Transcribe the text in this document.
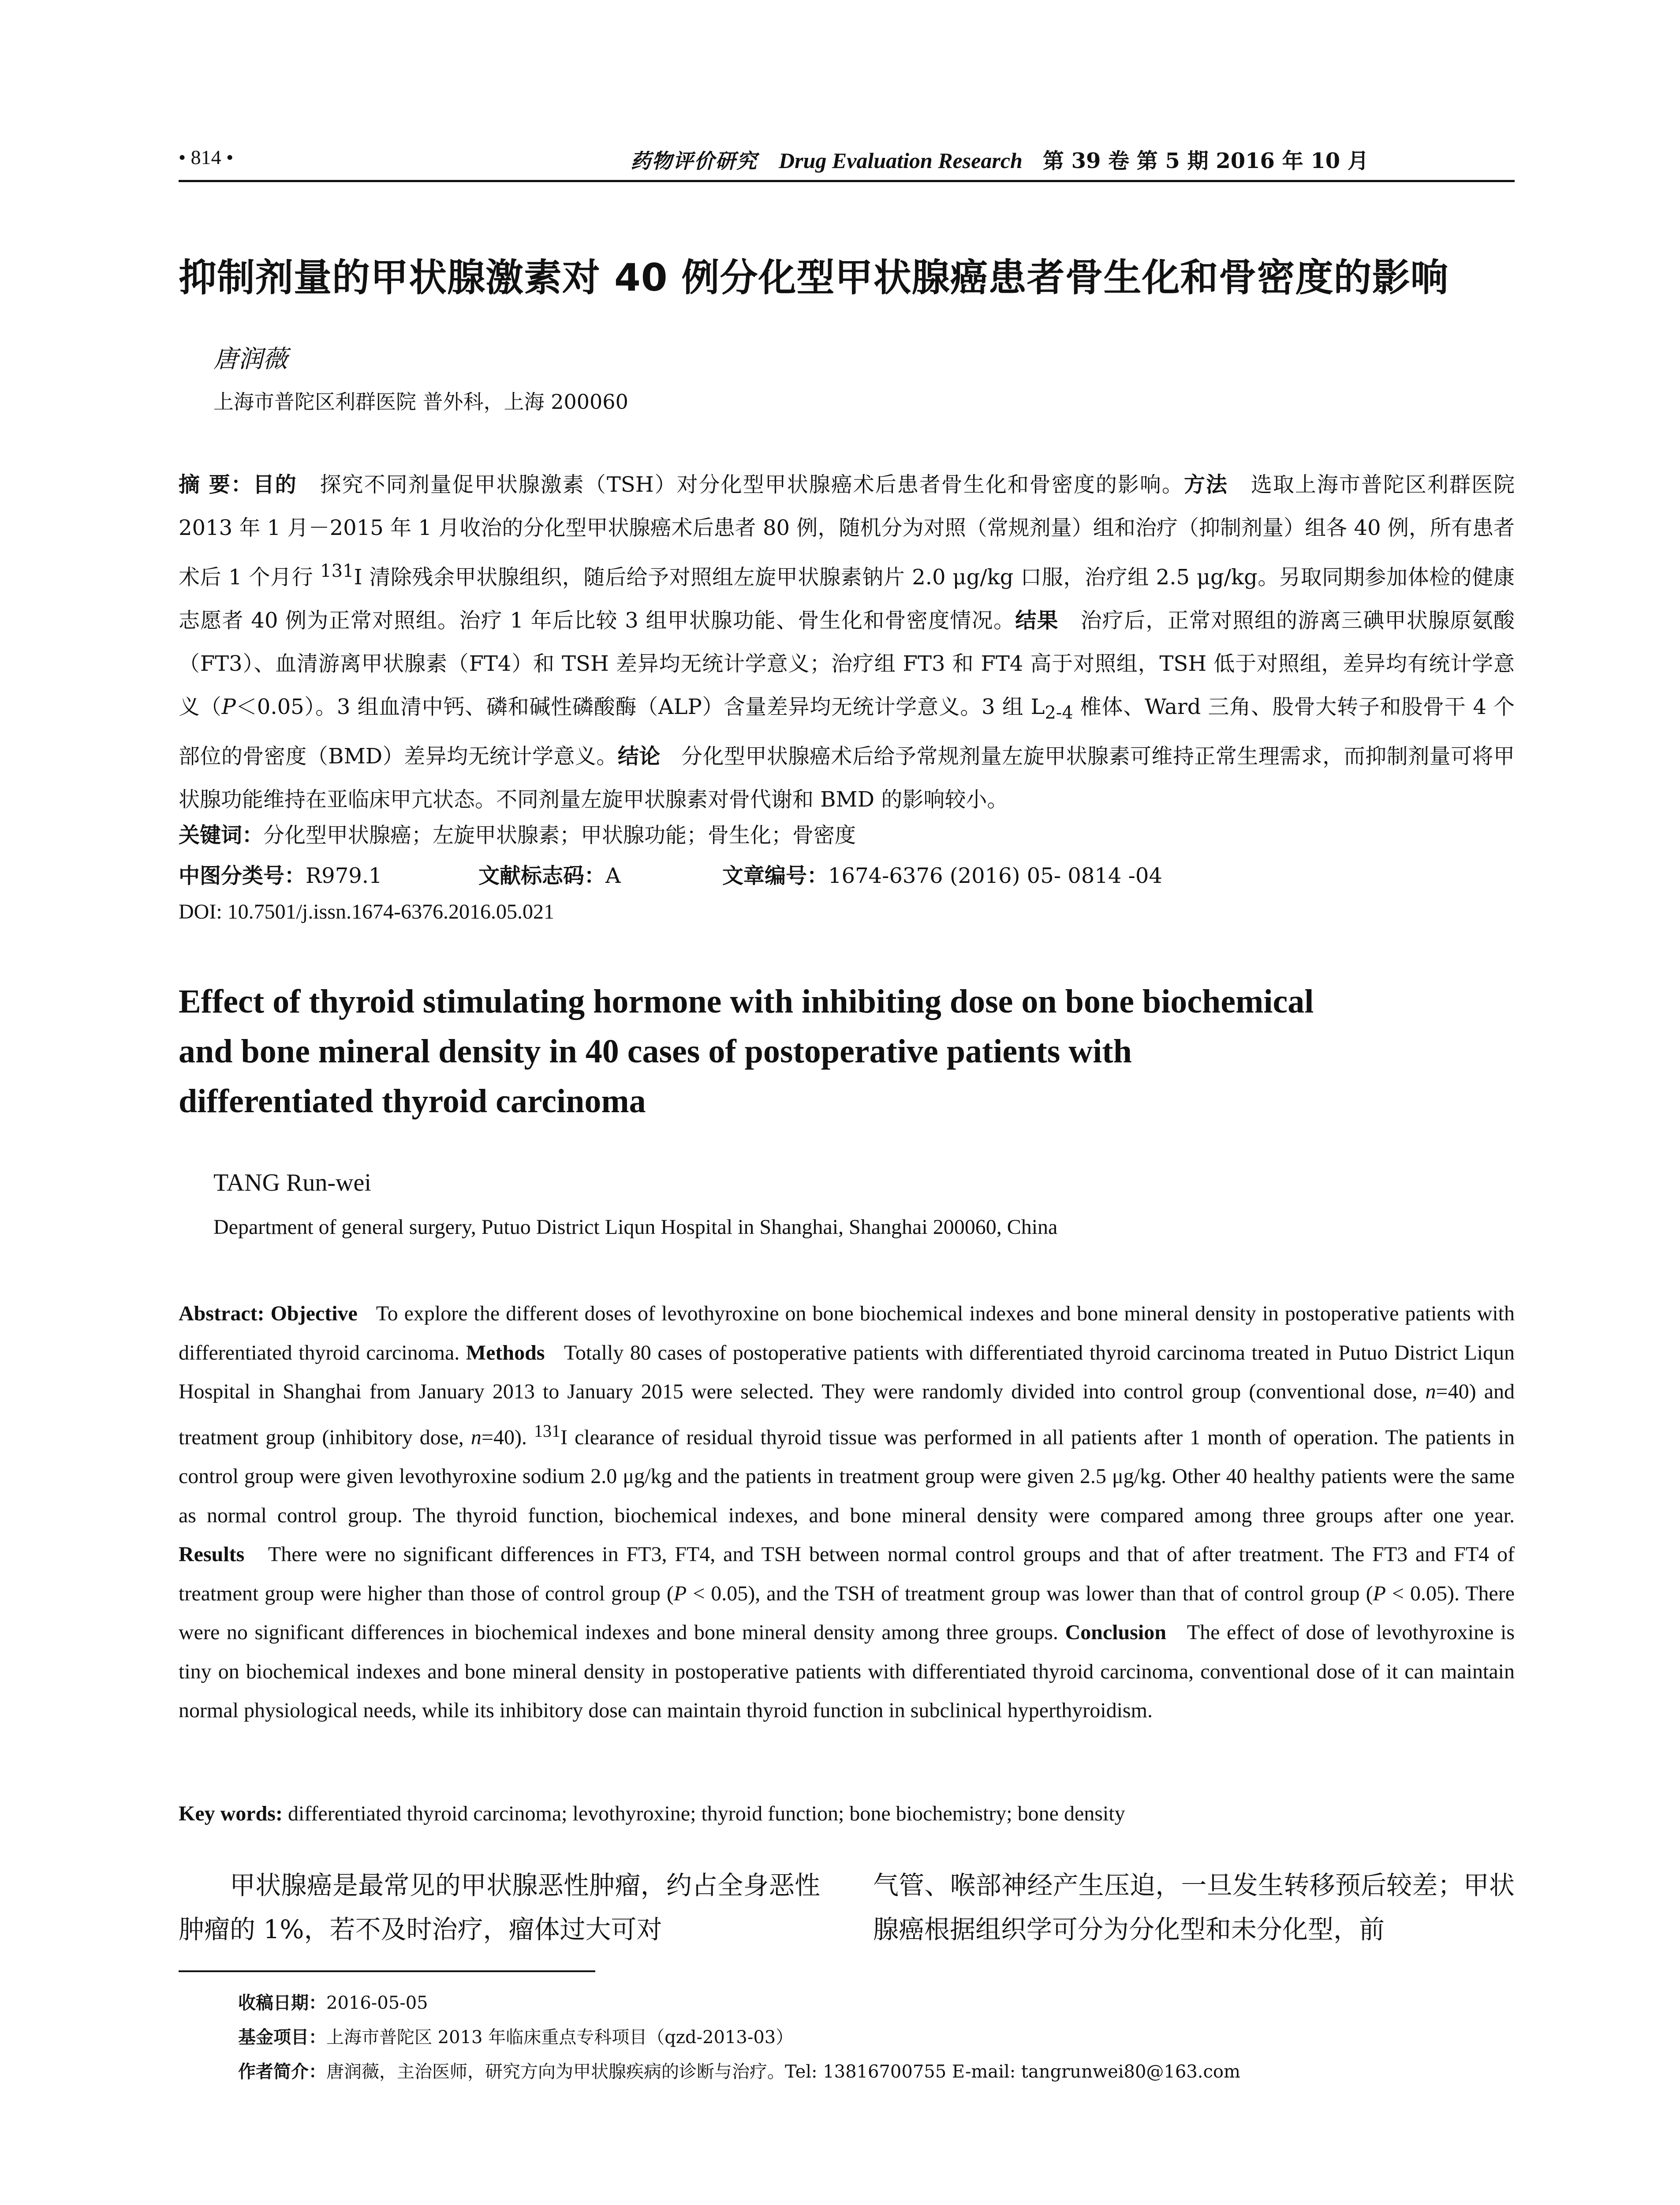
• 814 •	药物评价研究 Drug Evaluation Research 第 39 卷 第 5 期 2016 年 10 月
抑制剂量的甲状腺激素对 40 例分化型甲状腺癌患者骨生化和骨密度的影响
唐润薇
上海市普陀区利群医院 普外科，上海 200060
摘 要：目的 探究不同剂量促甲状腺激素（TSH）对分化型甲状腺癌术后患者骨生化和骨密度的影响。方法 选取上海市普陀区利群医院 2013 年 1 月－2015 年 1 月收治的分化型甲状腺癌术后患者 80 例，随机分为对照（常规剂量）组和治疗（抑制剂量）组各 40 例，所有患者术后 1 个月行 $^{131}$I 清除残余甲状腺组织，随后给予对照组左旋甲状腺素钠片 2.0 μg/kg 口服，治疗组 2.5 μg/kg。另取同期参加体检的健康志愿者 40 例为正常对照组。治疗 1 年后比较 3 组甲状腺功能、骨生化和骨密度情况。结果 治疗后，正常对照组的游离三碘甲状腺原氨酸（FT3）、血清游离甲状腺素（FT4）和 TSH 差异均无统计学意义；治疗组 FT3 和 FT4 高于对照组，TSH 低于对照组，差异均有统计学意义（P＜0.05）。3 组血清中钙、磷和碱性磷酸酶（ALP）含量差异均无统计学意义。3 组 $L_{2-4}$ 椎体、Ward 三角、股骨大转子和股骨干 4 个部位的骨密度（BMD）差异均无统计学意义。结论 分化型甲状腺癌术后给予常规剂量左旋甲状腺素可维持正常生理需求，而抑制剂量可将甲状腺功能维持在亚临床甲亢状态。不同剂量左旋甲状腺素对骨代谢和 BMD 的影响较小。
关键词：分化型甲状腺癌；左旋甲状腺素；甲状腺功能；骨生化；骨密度
中图分类号：R979.1	文献标志码：A	文章编号：1674-6376 (2016) 05- 0814 -04
DOI: 10.7501/j.issn.1674-6376.2016.05.021
Effect of thyroid stimulating hormone with inhibiting dose on bone biochemical
and bone mineral density in 40 cases of postoperative patients with
differentiated thyroid carcinoma
TANG Run-wei
Department of general surgery, Putuo District Liqun Hospital in Shanghai, Shanghai 200060, China
Abstract: Objective To explore the different doses of levothyroxine on bone biochemical indexes and bone mineral density in postoperative patients with differentiated thyroid carcinoma. Methods Totally 80 cases of postoperative patients with differentiated thyroid carcinoma treated in Putuo District Liqun Hospital in Shanghai from January 2013 to January 2015 were selected. They were randomly divided into control group (conventional dose, n=40) and treatment group (inhibitory dose, n=40). $^{131}$I clearance of residual thyroid tissue was performed in all patients after 1 month of operation. The patients in control group were given levothyroxine sodium 2.0 μg/kg and the patients in treatment group were given 2.5 μg/kg. Other 40 healthy patients were the same as normal control group. The thyroid function, biochemical indexes, and bone mineral density were compared among three groups after one year. Results There were no significant differences in FT3, FT4, and TSH between normal control groups and that of after treatment. The FT3 and FT4 of treatment group were higher than those of control group (P < 0.05), and the TSH of treatment group was lower than that of control group (P < 0.05). There were no significant differences in biochemical indexes and bone mineral density among three groups. Conclusion The effect of dose of levothyroxine is tiny on biochemical indexes and bone mineral density in postoperative patients with differentiated thyroid carcinoma, conventional dose of it can maintain normal physiological needs, while its inhibitory dose can maintain thyroid function in subclinical hyperthyroidism.
Key words: differentiated thyroid carcinoma; levothyroxine; thyroid function; bone biochemistry; bone density
甲状腺癌是最常见的甲状腺恶性肿瘤，约占全身恶性肿瘤的 1%，若不及时治疗，瘤体过大可对
气管、喉部神经产生压迫，一旦发生转移预后较差；甲状腺癌根据组织学可分为分化型和未分化型，前
收稿日期：2016-05-05
基金项目：上海市普陀区 2013 年临床重点专科项目（qzd-2013-03）
作者简介：唐润薇，主治医师，研究方向为甲状腺疾病的诊断与治疗。Tel: 13816700755 E-mail: tangrunwei80@163.com
